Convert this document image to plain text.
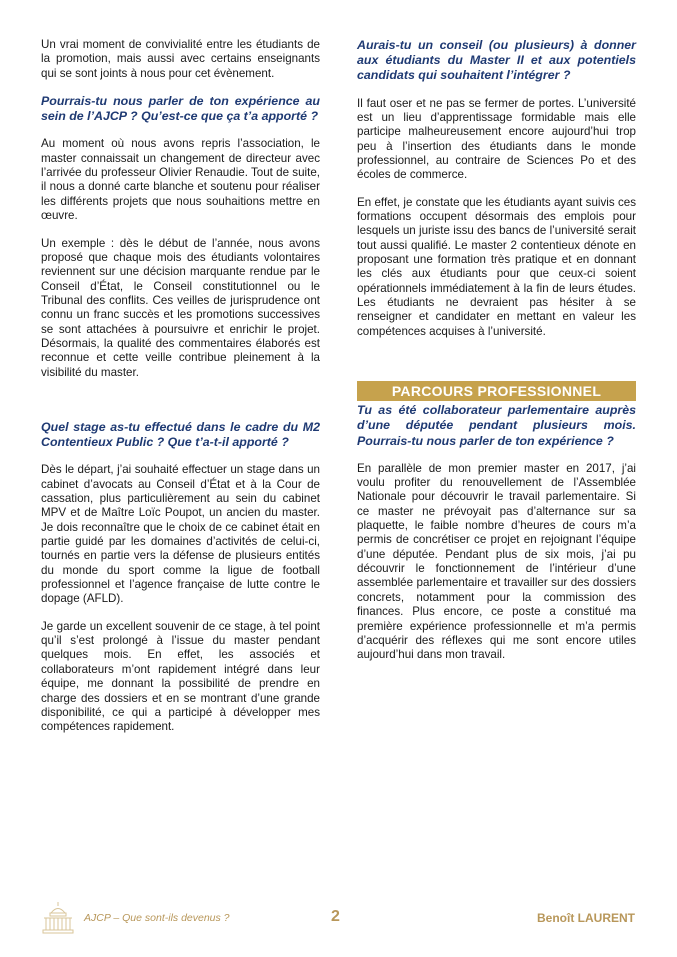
Un vrai moment de convivialité entre les étudiants de la promotion, mais aussi avec certains enseignants qui se sont joints à nous pour cet évènement.

Pourrais-tu nous parler de ton expérience au sein de l’AJCP ? Qu’est-ce que ça t’a apporté ?

Au moment où nous avons repris l’association, le master connaissait un changement de directeur avec l’arrivée du professeur Olivier Renaudie. Tout de suite, il nous a donné carte blanche et soutenu pour réaliser les différents projets que nous souhaitions mettre en œuvre.

Un exemple : dès le début de l’année, nous avons proposé que chaque mois des étudiants volontaires reviennent sur une décision marquante rendue par le Conseil d’État, le Conseil constitutionnel ou le Tribunal des conflits. Ces veilles de jurisprudence ont connu un franc succès et les promotions successives se sont attachées à poursuivre et enrichir le projet. Désormais, la qualité des commentaires élaborés est reconnue et cette veille contribue pleinement à la visibilité du master.

Quel stage as-tu effectué dans le cadre du M2 Contentieux Public ? Que t’a-t-il apporté ?

Dès le départ, j’ai souhaité effectuer un stage dans un cabinet d’avocats au Conseil d’État et à la Cour de cassation, plus particulièrement au sein du cabinet MPV et de Maître Loïc Poupot, un ancien du master. Je dois reconnaître que le choix de ce cabinet était en partie guidé par les domaines d’activités de celui-ci, tournés en partie vers la défense de plusieurs entités du monde du sport comme la ligue de football professionnel et l’agence française de lutte contre le dopage (AFLD).

Je garde un excellent souvenir de ce stage, à tel point qu’il s’est prolongé à l’issue du master pendant quelques mois. En effet, les associés et collaborateurs m’ont rapidement intégré dans leur équipe, me donnant la possibilité de prendre en charge des dossiers et en se montrant d’une grande disponibilité, ce qui a participé à développer mes compétences rapidement.

Aurais-tu un conseil (ou plusieurs) à donner aux étudiants du Master II et aux potentiels candidats qui souhaitent l’intégrer ?

Il faut oser et ne pas se fermer de portes. L’université est un lieu d’apprentissage formidable mais elle participe malheureusement encore aujourd’hui trop peu à l’insertion des étudiants dans le monde professionnel, au contraire de Sciences Po et des écoles de commerce.

En effet, je constate que les étudiants ayant suivis ces formations occupent désormais des emplois pour lesquels un juriste issu des bancs de l’université serait tout aussi qualifié. Le master 2 contentieux dénote en proposant une formation très pratique et en donnant les clés aux étudiants pour que ceux-ci soient opérationnels immédiatement à la fin de leurs études. Les étudiants ne devraient pas hésiter à se renseigner et candidater en mettant en valeur les compétences acquises à l’université.

PARCOURS PROFESSIONNEL
Tu as été collaborateur parlementaire auprès d’une députée pendant plusieurs mois. Pourrais-tu nous parler de ton expérience ?

En parallèle de mon premier master en 2017, j’ai voulu profiter du renouvellement de l’Assemblée Nationale pour découvrir le travail parlementaire. Si ce master ne prévoyait pas d’alternance sur sa plaquette, le faible nombre d’heures de cours m’a permis de concrétiser ce projet en rejoignant l’équipe d’une députée. Pendant plus de six mois, j’ai pu découvrir le fonctionnement de l’intérieur d’une assemblée parlementaire et travailler sur des dossiers concrets, notamment pour la commission des finances. Plus encore, ce poste a constitué ma première expérience professionnelle et m’a permis d’acquérir des réflexes qui me sont encore utiles aujourd’hui dans mon travail.

AJCP – Que sont-ils devenus ?	2	Benoît LAURENT
